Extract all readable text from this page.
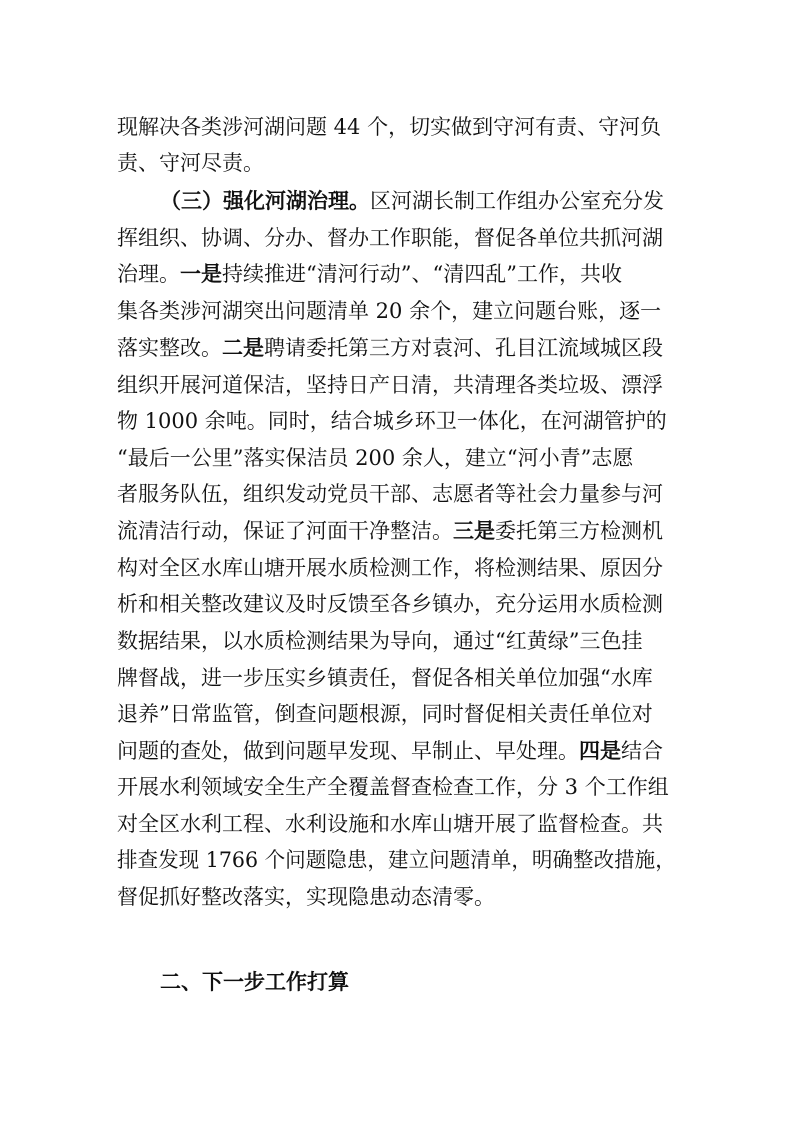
现解决各类涉河湖问题 44 个，切实做到守河有责、守河负
责、守河尽责。
（三）强化河湖治理。区河湖长制工作组办公室充分发
挥组织、协调、分办、督办工作职能，督促各单位共抓河湖
治理。一是持续推进“清河行动”、“清四乱”工作，共收
集各类涉河湖突出问题清单 20 余个，建立问题台账，逐一
落实整改。二是聘请委托第三方对袁河、孔目江流域城区段
组织开展河道保洁，坚持日产日清，共清理各类垃圾、漂浮
物 1000 余吨。同时，结合城乡环卫一体化，在河湖管护的
“最后一公里”落实保洁员 200 余人，建立“河小青”志愿
者服务队伍，组织发动党员干部、志愿者等社会力量参与河
流清洁行动，保证了河面干净整洁。三是委托第三方检测机
构对全区水库山塘开展水质检测工作，将检测结果、原因分
析和相关整改建议及时反馈至各乡镇办，充分运用水质检测
数据结果，以水质检测结果为导向，通过“红黄绿”三色挂
牌督战，进一步压实乡镇责任，督促各相关单位加强“水库
退养”日常监管，倒查问题根源，同时督促相关责任单位对
问题的查处，做到问题早发现、早制止、早处理。四是结合
开展水利领域安全生产全覆盖督查检查工作，分 3 个工作组
对全区水利工程、水利设施和水库山塘开展了监督检查。共
排查发现 1766 个问题隐患，建立问题清单，明确整改措施，
督促抓好整改落实，实现隐患动态清零。
二、下一步工作打算
